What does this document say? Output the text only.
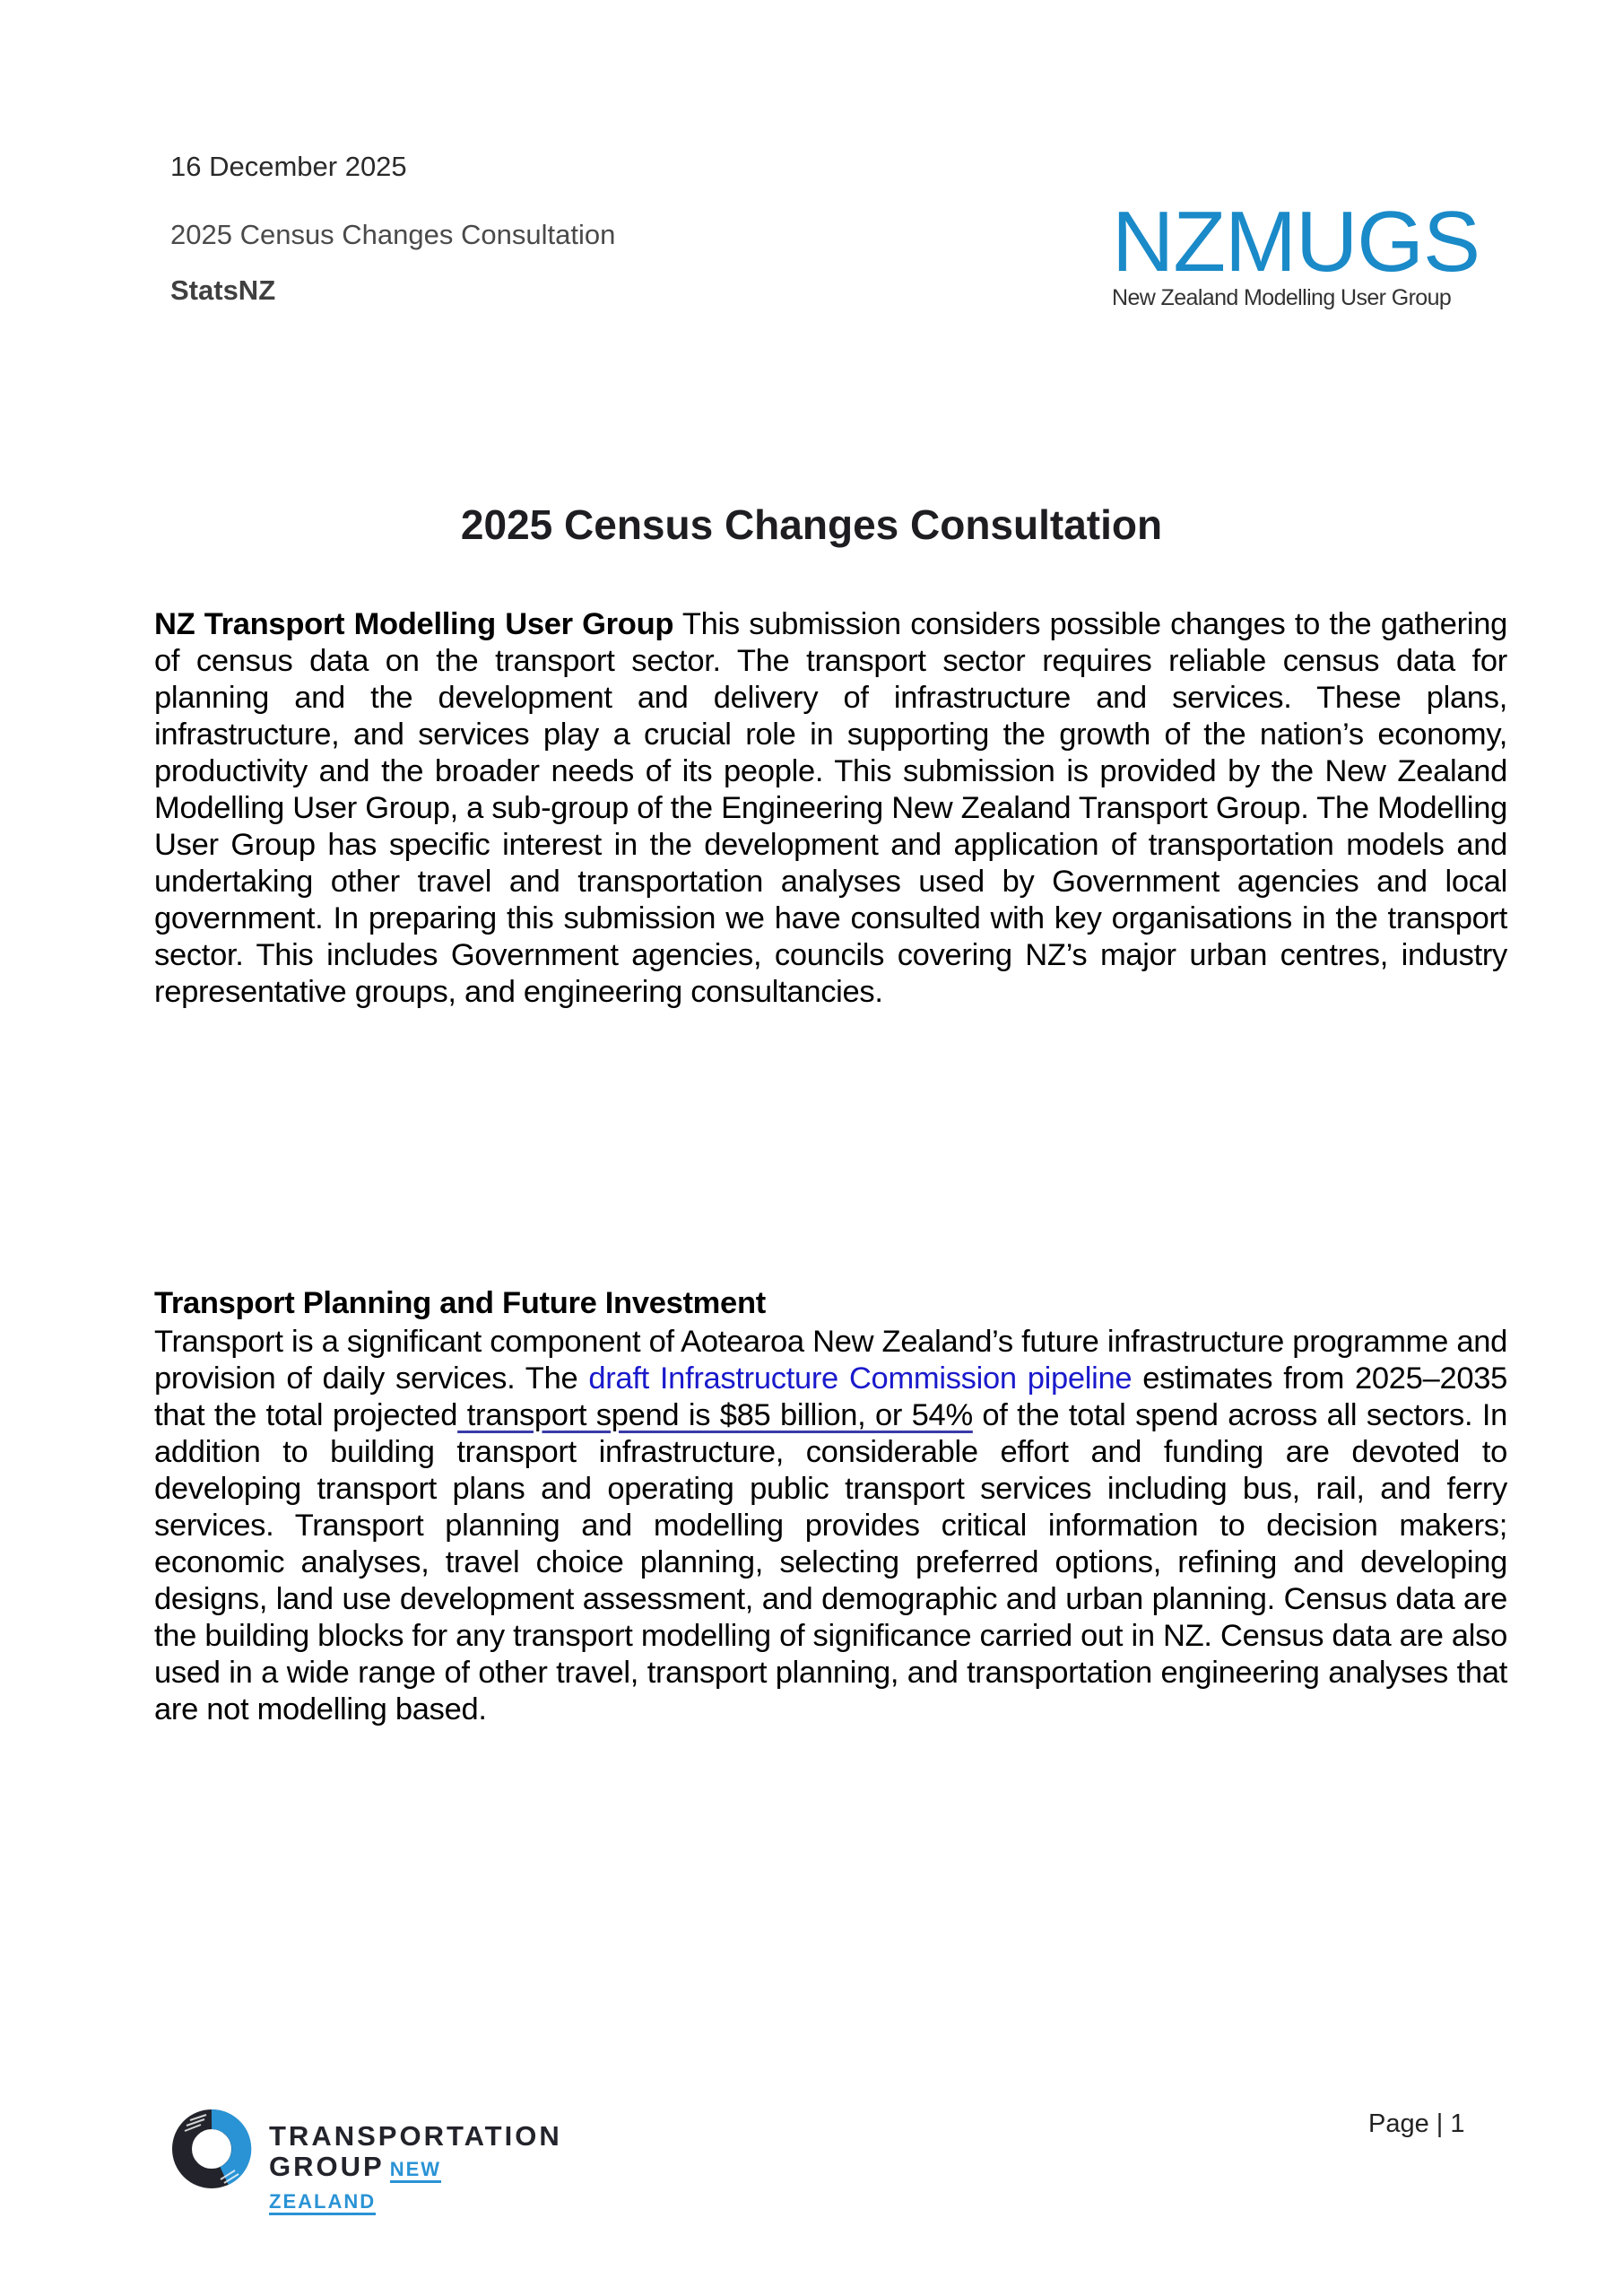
16 December 2025
2025 Census Changes Consultation
StatsNZ
NZMUGS
New Zealand Modelling User Group
2025 Census Changes Consultation
NZ Transport Modelling User Group This submission considers possible changes to the gathering of census data on the transport sector. The transport sector requires reliable census data for planning and the development and delivery of infrastructure and services. These plans, infrastructure, and services play a crucial role in supporting the growth of the nation’s economy, productivity and the broader needs of its people. This submission is provided by the New Zealand Modelling User Group, a sub-group of the Engineering New Zealand Transport Group. The Modelling User Group has specific interest in the development and application of transportation models and undertaking other travel and transportation analyses used by Government agencies and local government. In preparing this submission we have consulted with key organisations in the transport sector. This includes Government agencies, councils covering NZ’s major urban centres, industry representative groups, and engineering consultancies.
Transport Planning and Future Investment
Transport is a significant component of Aotearoa New Zealand’s future infrastructure programme and provision of daily services. The draft Infrastructure Commission pipeline estimates from 2025–2035 that the total projected transport spend is $85 billion, or 54% of the total spend across all sectors. In addition to building transport infrastructure, considerable effort and funding are devoted to developing transport plans and operating public transport services including bus, rail, and ferry services. Transport planning and modelling provides critical information to decision makers; economic analyses, travel choice planning, selecting preferred options, refining and developing designs, land use development assessment, and demographic and urban planning. Census data are the building blocks for any transport modelling of significance carried out in NZ. Census data are also used in a wide range of other travel, transport planning, and transportation engineering analyses that are not modelling based.
TRANSPORTATION
GROUP NEW ZEALAND
Page | 1
